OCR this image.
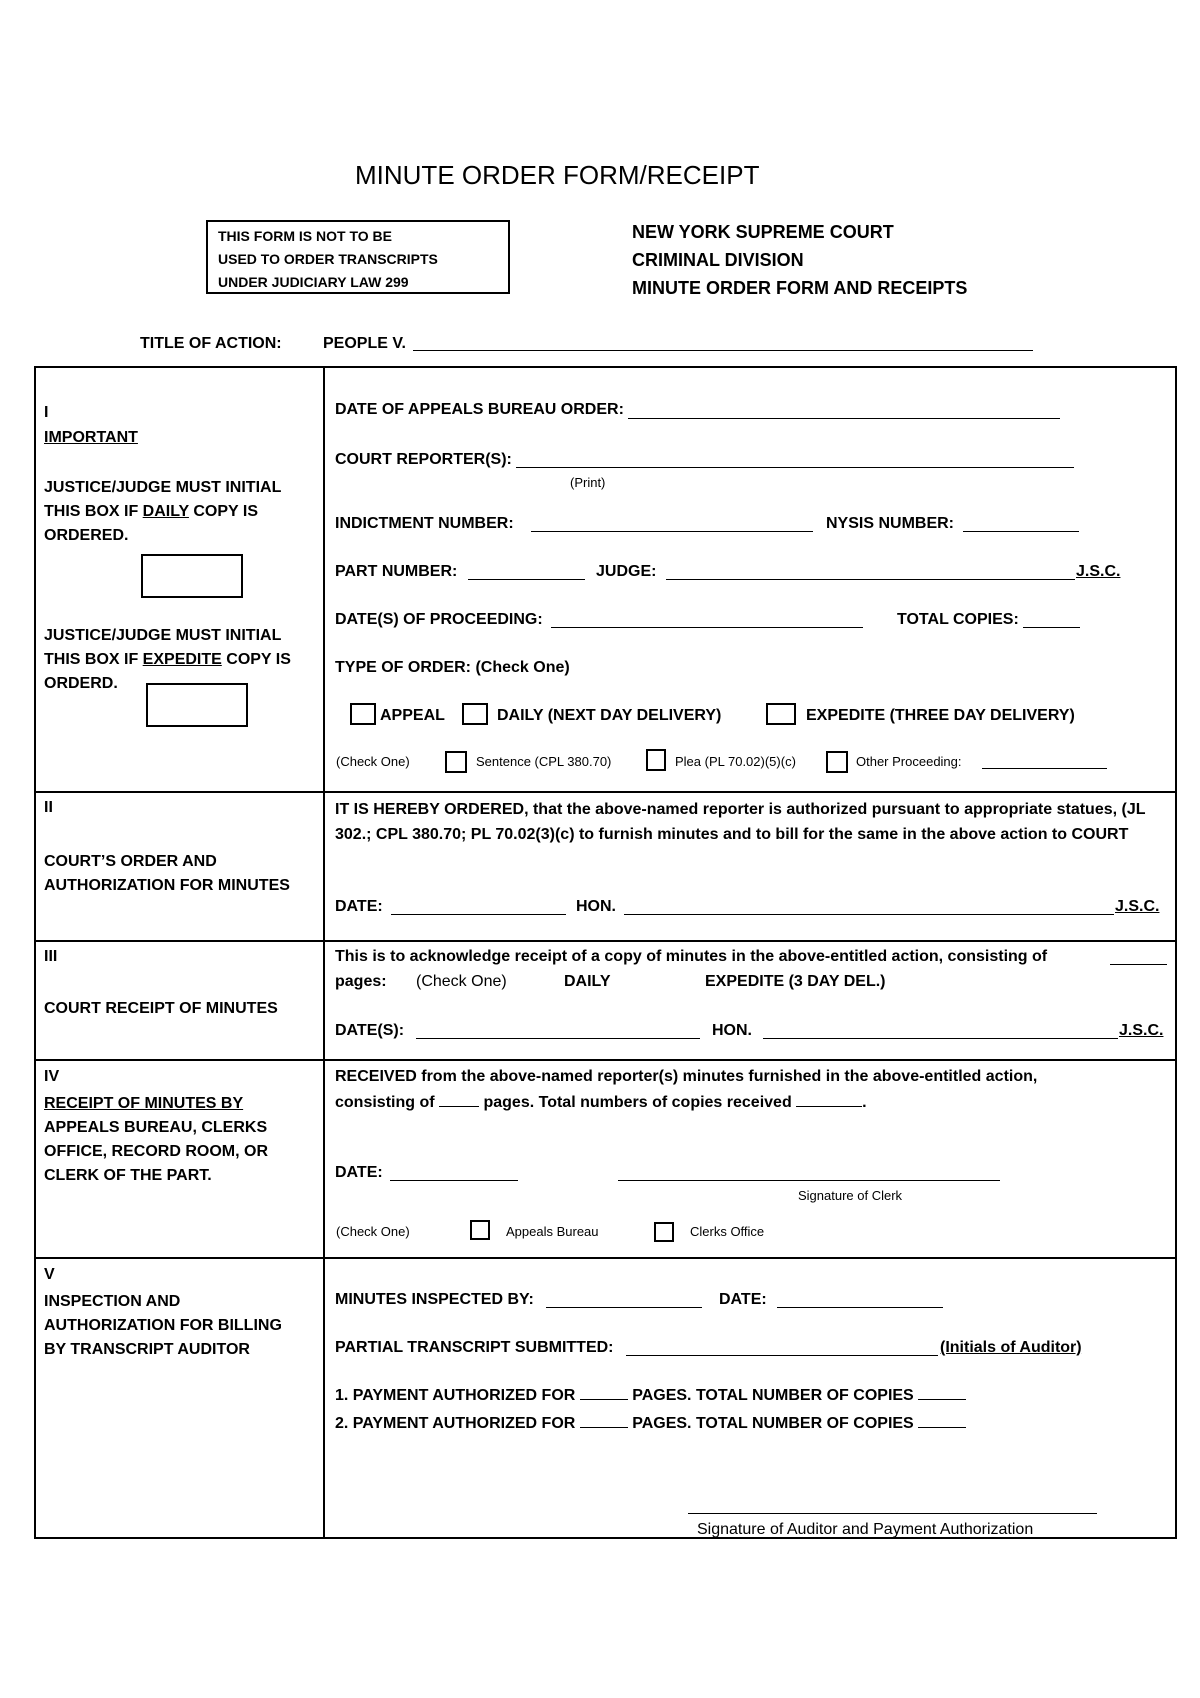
MINUTE ORDER FORM/RECEIPT
THIS FORM IS NOT TO BE
USED TO ORDER TRANSCRIPTS
UNDER JUDICIARY LAW 299
NEW YORK SUPREME COURT
CRIMINAL DIVISION
MINUTE ORDER FORM AND RECEIPTS
TITLE OF ACTION:	PEOPLE V.
I
IMPORTANT
JUSTICE/JUDGE MUST INITIAL
THIS BOX IF DAILY COPY IS
ORDERED.
JUSTICE/JUDGE MUST INITIAL
THIS BOX IF EXPEDITE COPY IS
ORDERD.
DATE OF APPEALS BUREAU ORDER:
COURT REPORTER(S):
(Print)
INDICTMENT NUMBER:	NYSIS NUMBER:
PART NUMBER:	JUDGE:	J.S.C.
DATE(S) OF PROCEEDING:	TOTAL COPIES:
TYPE OF ORDER: (Check One)
APPEAL	DAILY (NEXT DAY DELIVERY)	EXPEDITE (THREE DAY DELIVERY)
(Check One)	Sentence (CPL 380.70)	Plea (PL 70.02)(5)(c)	Other Proceeding:
II
COURT’S ORDER AND
AUTHORIZATION FOR MINUTES
IT IS HEREBY ORDERED, that the above-named reporter is authorized pursuant to appropriate statues, (JL 302.; CPL 380.70; PL 70.02(3)(c) to furnish minutes and to bill for the same in the above action to COURT
DATE:	HON.	J.S.C.
III
COURT RECEIPT OF MINUTES
This is to acknowledge receipt of a copy of minutes in the above-entitled action, consisting of
pages: (Check One)	DAILY	EXPEDITE (3 DAY DEL.)
DATE(S):	HON.	J.S.C.
IV
RECEIPT OF MINUTES BY
APPEALS BUREAU, CLERKS
OFFICE, RECORD ROOM, OR
CLERK OF THE PART.
RECEIVED from the above-named reporter(s) minutes furnished in the above-entitled action,
consisting of	pages. Total numbers of copies received	.
DATE:
Signature of Clerk
(Check One)	Appeals Bureau	Clerks Office
V
INSPECTION AND
AUTHORIZATION FOR BILLING
BY TRANSCRIPT AUDITOR
MINUTES INSPECTED BY:	DATE:
PARTIAL TRANSCRIPT SUBMITTED:	(Initials of Auditor)
1. PAYMENT AUTHORIZED FOR	PAGES. TOTAL NUMBER OF COPIES
2. PAYMENT AUTHORIZED FOR	PAGES. TOTAL NUMBER OF COPIES
Signature of Auditor and Payment Authorization
